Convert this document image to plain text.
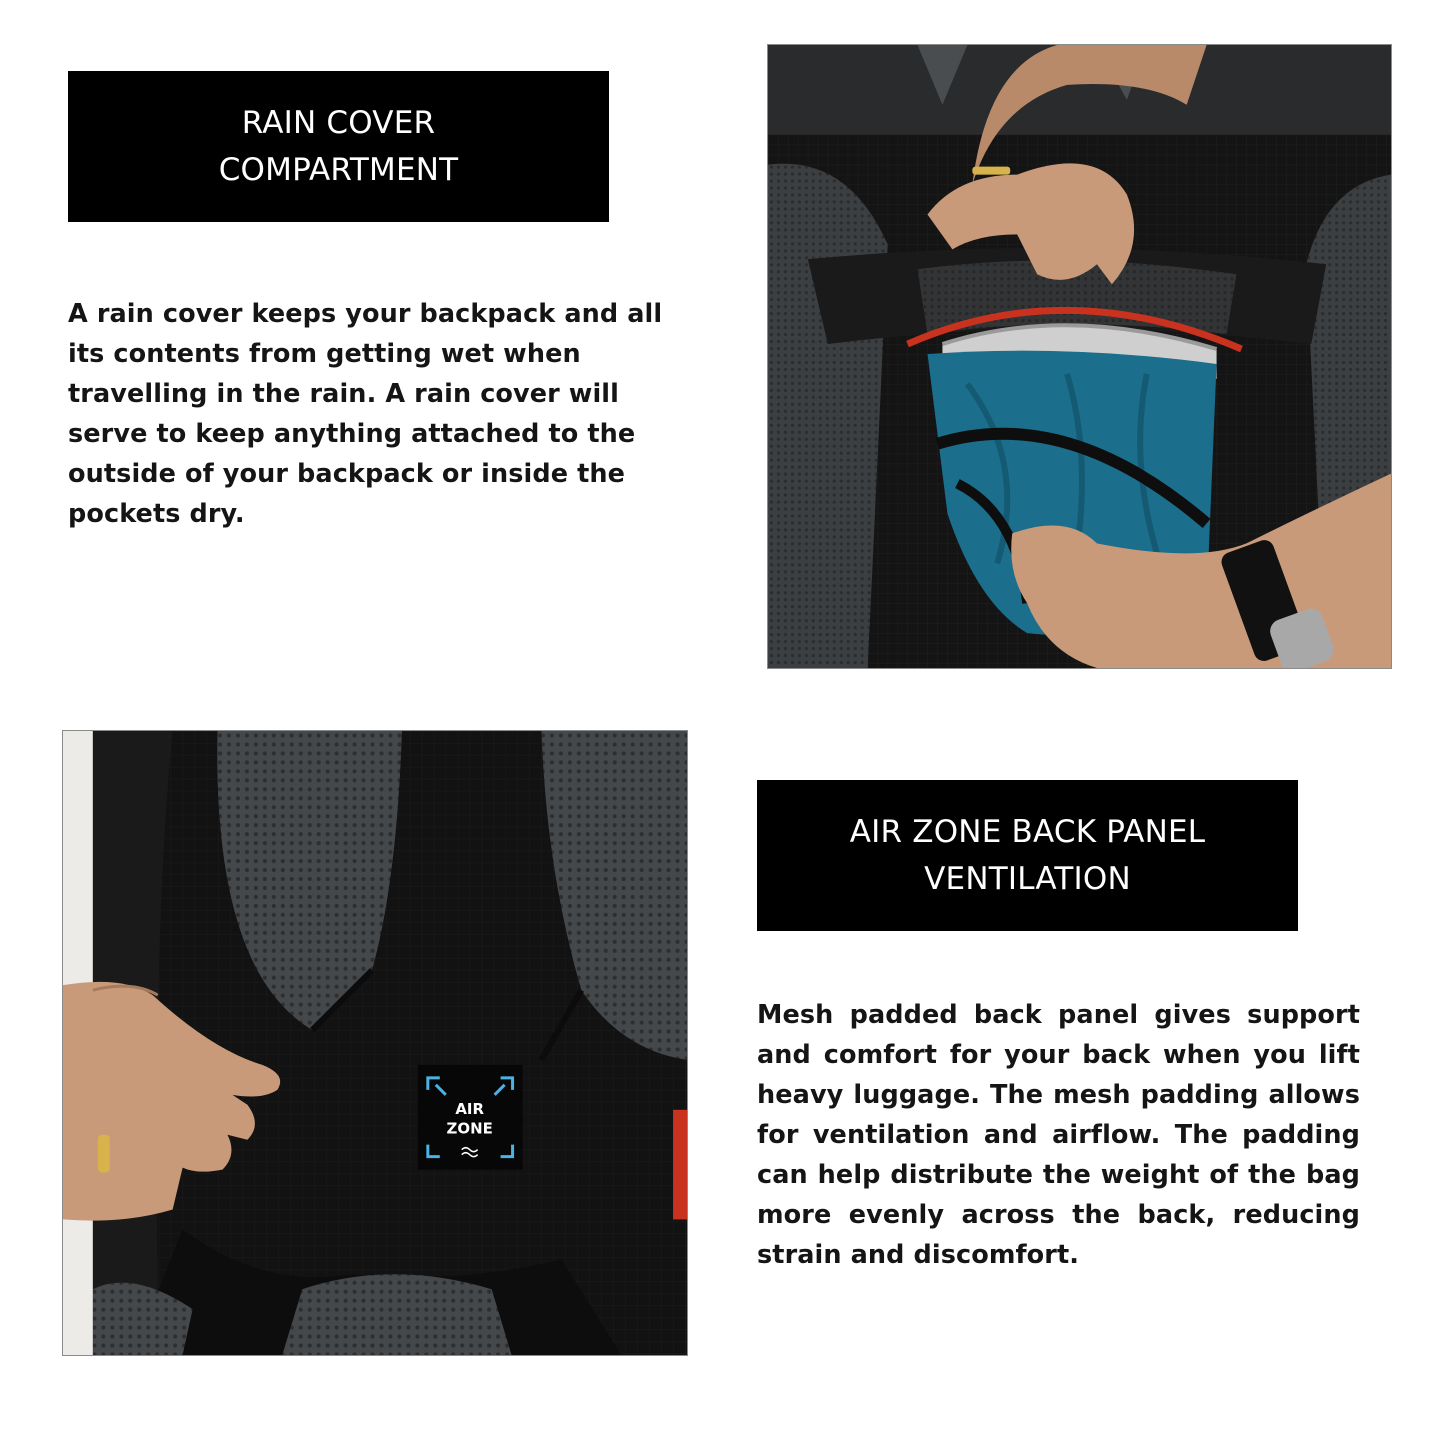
RAIN COVER
COMPARTMENT
A rain cover keeps your backpack and all its contents from getting wet when travelling in the rain. A rain cover will serve to keep anything attached to the outside of your backpack or inside the pockets dry.
AIR
ZONE
AIR ZONE BACK PANEL
VENTILATION
Mesh padded back panel gives support and comfort for your back when you lift heavy luggage. The mesh padding allows for ventilation and airflow. The padding can help distribute the weight of the bag more evenly across the back, reducing strain and discomfort.
